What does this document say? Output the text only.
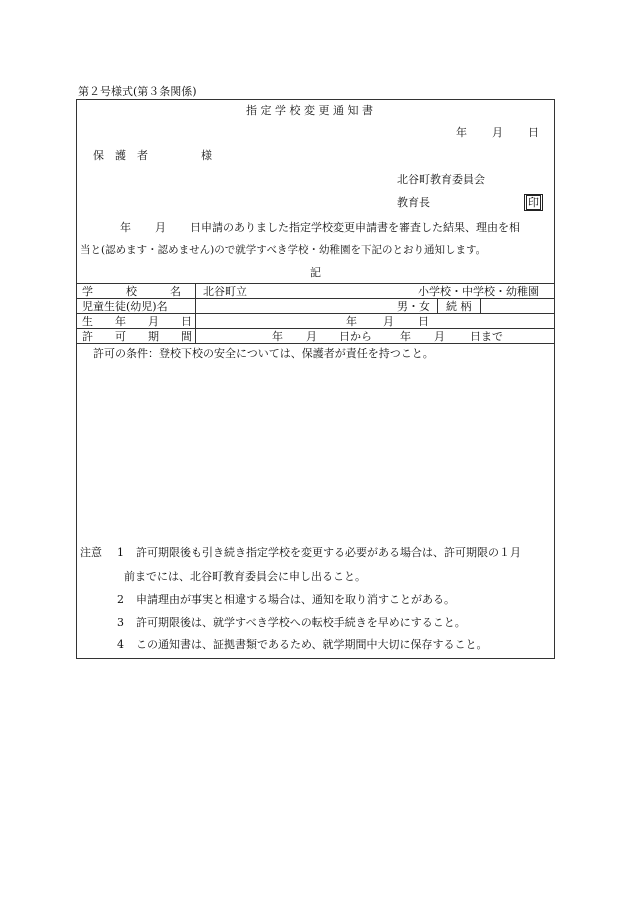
第２号様式(第３条関係)
指 定 学 校 変 更 通 知 書
年 月 日
保　護　者	様
北谷町教育委員会
教育長	印
年 月 日申請のありました指定学校変更申請書を審査した結果、理由を相
当と(認めます・認めません)ので就学すべき学校・幼稚園を下記のとおり通知します。
記
学　　　校　　　名 北谷町立	小学校・中学校・幼稚園
児童生徒(幼児)名	男・女 続 柄
生　　年　　月　　日	年 月 日
許　　可　　期　　間	年 月 日から	年 月 日まで
許可の条件：登校下校の安全については、保護者が責任を持つこと。
注意 1 許可期限後も引き続き指定学校を変更する必要がある場合は、許可期限の１月
前までには、北谷町教育委員会に申し出ること。
2 申請理由が事実と相違する場合は、通知を取り消すことがある。
3 許可期限後は、就学すべき学校への転校手続きを早めにすること。
4 この通知書は、証拠書類であるため、就学期間中大切に保存すること。
